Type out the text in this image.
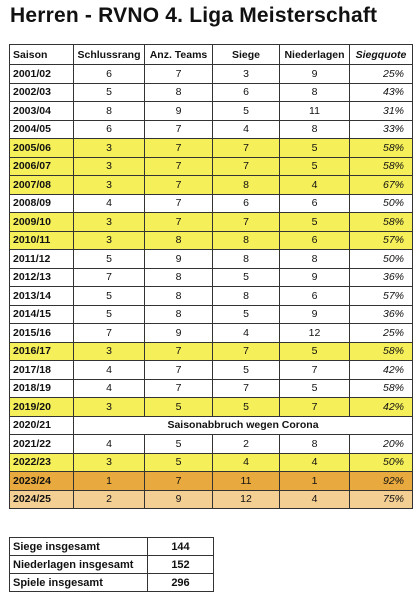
Herren - RVNO 4. Liga Meisterschaft
Saison	Schlussrang	Anz. Teams	Siege	Niederlagen	Siegquote
2001/02	6	7	3	9	25%
2002/03	5	8	6	8	43%
2003/04	8	9	5	11	31%
2004/05	6	7	4	8	33%
2005/06	3	7	7	5	58%
2006/07	3	7	7	5	58%
2007/08	3	7	8	4	67%
2008/09	4	7	6	6	50%
2009/10	3	7	7	5	58%
2010/11	3	8	8	6	57%
2011/12	5	9	8	8	50%
2012/13	7	8	5	9	36%
2013/14	5	8	8	6	57%
2014/15	5	8	5	9	36%
2015/16	7	9	4	12	25%
2016/17	3	7	7	5	58%
2017/18	4	7	5	7	42%
2018/19	4	7	7	5	58%
2019/20	3	5	5	7	42%
2020/21	Saisonabbruch wegen Corona				
2021/22	4	5	2	8	20%
2022/23	3	5	4	4	50%
2023/24	1	7	11	1	92%
2024/25	2	9	12	4	75%
Siege insgesamt	144
Niederlagen insgesamt	152
Spiele insgesamt	296
